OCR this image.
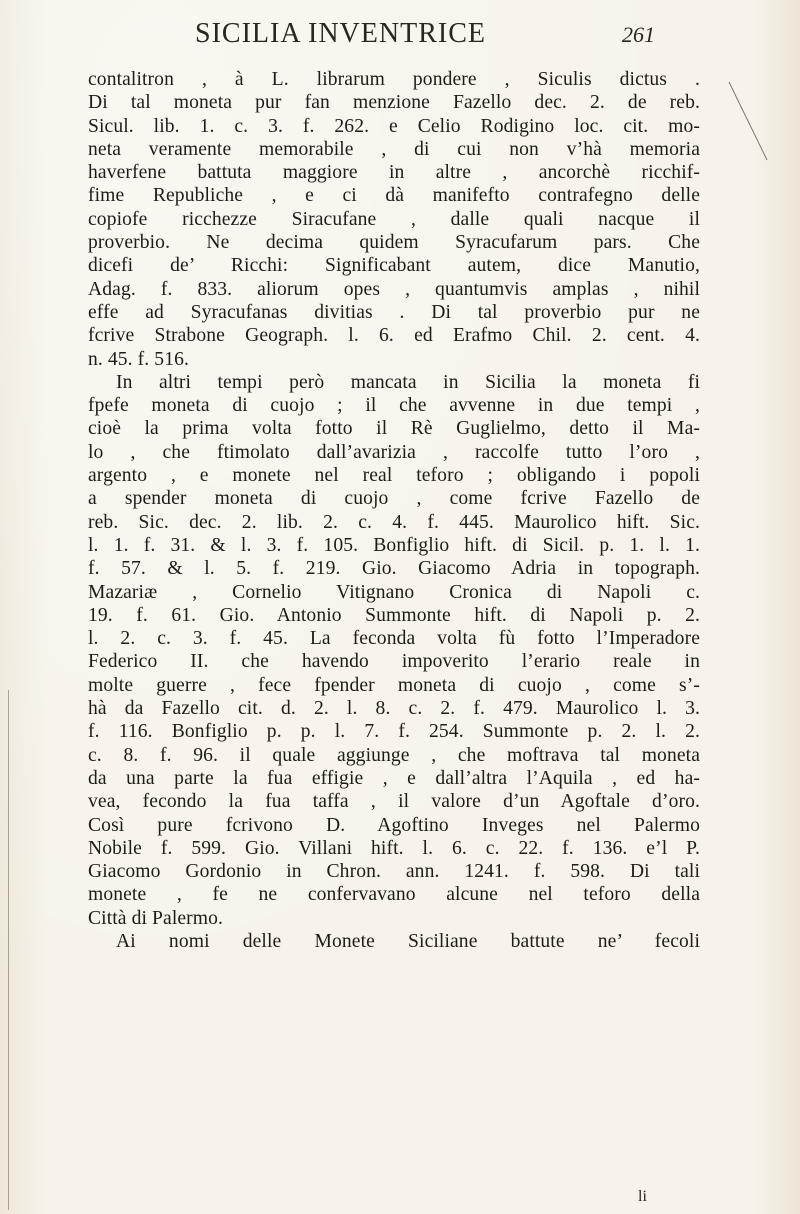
SICILIA INVENTRICE	261
contalitron , à L. librarum pondere , Siculis dictus .
Di tal moneta pur fan menzione Fazello dec. 2. de reb.
Sicul. lib. 1. c. 3. f. 262. e Celio Rodigino loc. cit. mo-
neta veramente memorabile , di cui non v’hà memoria
haverfene battuta maggiore in altre , ancorchè ricchif-
fime Republiche , e ci dà manifefto contrafegno delle
copiofe ricchezze Siracufane , dalle quali nacque il
proverbio. Ne decima quidem Syracufarum pars. Che
dicefi de’ Ricchi: Significabant autem, dice Manutio,
Adag. f. 833. aliorum opes , quantumvis amplas , nihil
effe ad Syracufanas divitias . Di tal proverbio pur ne
fcrive Strabone Geograph. l. 6. ed Erafmo Chil. 2. cent. 4.
n. 45. f. 516.
In altri tempi però mancata in Sicilia la moneta fi
fpefe moneta di cuojo ; il che avvenne in due tempi ,
cioè la prima volta fotto il Rè Guglielmo, detto il Ma-
lo , che ftimolato dall’avarizia , raccolfe tutto l’oro ,
argento , e monete nel real teforo ; obligando i popoli
a spender moneta di cuojo , come fcrive Fazello de
reb. Sic. dec. 2. lib. 2. c. 4. f. 445. Maurolico hift. Sic.
l. 1. f. 31. & l. 3. f. 105. Bonfiglio hift. di Sicil. p. 1. l. 1.
f. 57. & l. 5. f. 219. Gio. Giacomo Adria in topograph.
Mazariæ , Cornelio Vitignano Cronica di Napoli c.
19. f. 61. Gio. Antonio Summonte hift. di Napoli p. 2.
l. 2. c. 3. f. 45. La feconda volta fù fotto l’Imperadore
Federico II. che havendo impoverito l’erario reale in
molte guerre , fece fpender moneta di cuojo , come s’-
hà da Fazello cit. d. 2. l. 8. c. 2. f. 479. Maurolico l. 3.
f. 116. Bonfiglio p. p. l. 7. f. 254. Summonte p. 2. l. 2.
c. 8. f. 96. il quale aggiunge , che moftrava tal moneta
da una parte la fua effigie , e dall’altra l’Aquila , ed ha-
vea, fecondo la fua taffa , il valore d’un Agoftale d’oro.
Così pure fcrivono D. Agoftino Inveges nel Palermo
Nobile f. 599. Gio. Villani hift. l. 6. c. 22. f. 136. e’l P.
Giacomo Gordonio in Chron. ann. 1241. f. 598. Di tali
monete , fe ne confervavano alcune nel teforo della
Città di Palermo.
Ai nomi delle Monete Siciliane battute ne’ fecoli
li
